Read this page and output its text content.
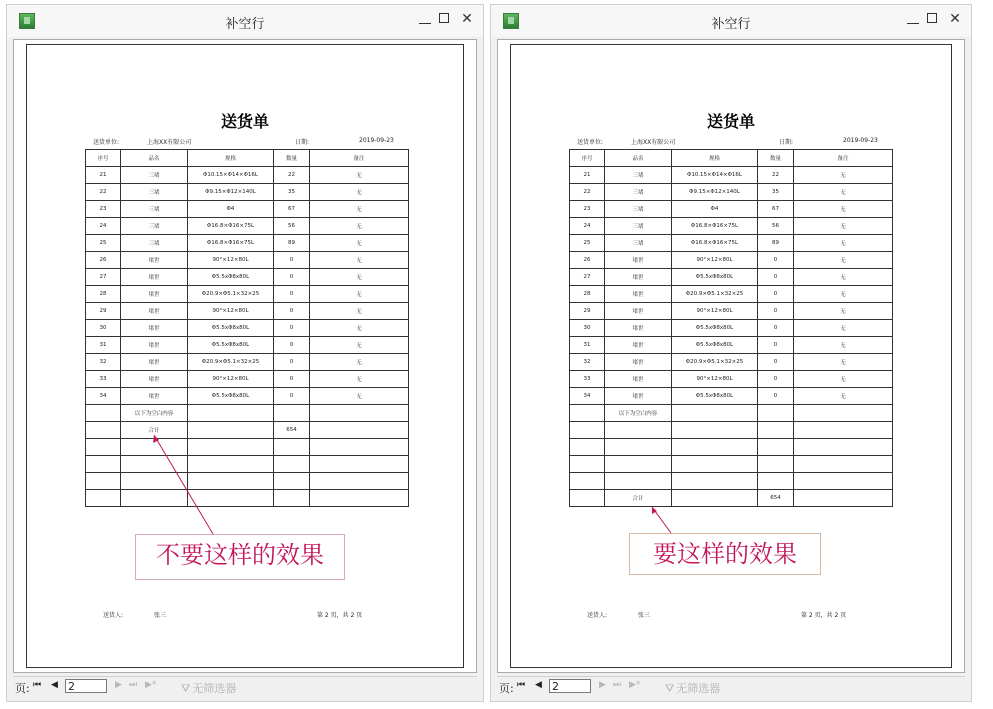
补空行	✕
送货单
送货单位:	上海XX有限公司	日期:	2019-09-23
序号	品名	规格	数量	备注
21	三堵	Φ10.15×Φ14×Φ16L	22	无
22	三堵	Φ9.15×Φ12×140L	35	无
23	三堵	Φ4	67	无
24	三堵	Φ16.8×Φ16×75L	56	无
25	三堵	Φ16.8×Φ16×75L	89	无
26	堵世	90°×12×80L	0	无
27	堵世	Φ5.5xΦ8x80L	0	无
28	堵世	Φ20.9×Φ5.1×32×25	0	无
29	堵世	90°×12×80L	0	无
30	堵世	Φ5.5xΦ8x80L	0	无
31	堵世	Φ5.5xΦ8x80L	0	无
32	堵世	Φ20.9×Φ5.1×32×25	0	无
33	堵世	90°×12×80L	0	无
34	堵世	Φ5.5xΦ8x80L	0	无
	以下为空白内容			
	合计		654	

不要这样的效果
送货人:	张三	第 2 页，共 2 页
页: ⏮ ◀ 2	▶ ⏭ ▶* ⛛ 无筛选器
补空行	✕
送货单
送货单位:	上海XX有限公司	日期:	2019-09-23
序号	品名	规格	数量	备注
21	三堵	Φ10.15×Φ14×Φ16L	22	无
22	三堵	Φ9.15×Φ12×140L	35	无
23	三堵	Φ4	67	无
24	三堵	Φ16.8×Φ16×75L	56	无
25	三堵	Φ16.8×Φ16×75L	89	无
26	堵世	90°×12×80L	0	无
27	堵世	Φ5.5xΦ8x80L	0	无
28	堵世	Φ20.9×Φ5.1×32×25	0	无
29	堵世	90°×12×80L	0	无
30	堵世	Φ5.5xΦ8x80L	0	无
31	堵世	Φ5.5xΦ8x80L	0	无
32	堵世	Φ20.9×Φ5.1×32×25	0	无
33	堵世	90°×12×80L	0	无
34	堵世	Φ5.5xΦ8x80L	0	无
	以下为空白内容			

	合计		654	
要这样的效果
送货人:	张三	第 2 页，共 2 页
页: ⏮ ◀ 2	▶ ⏭ ▶* ⛛ 无筛选器
